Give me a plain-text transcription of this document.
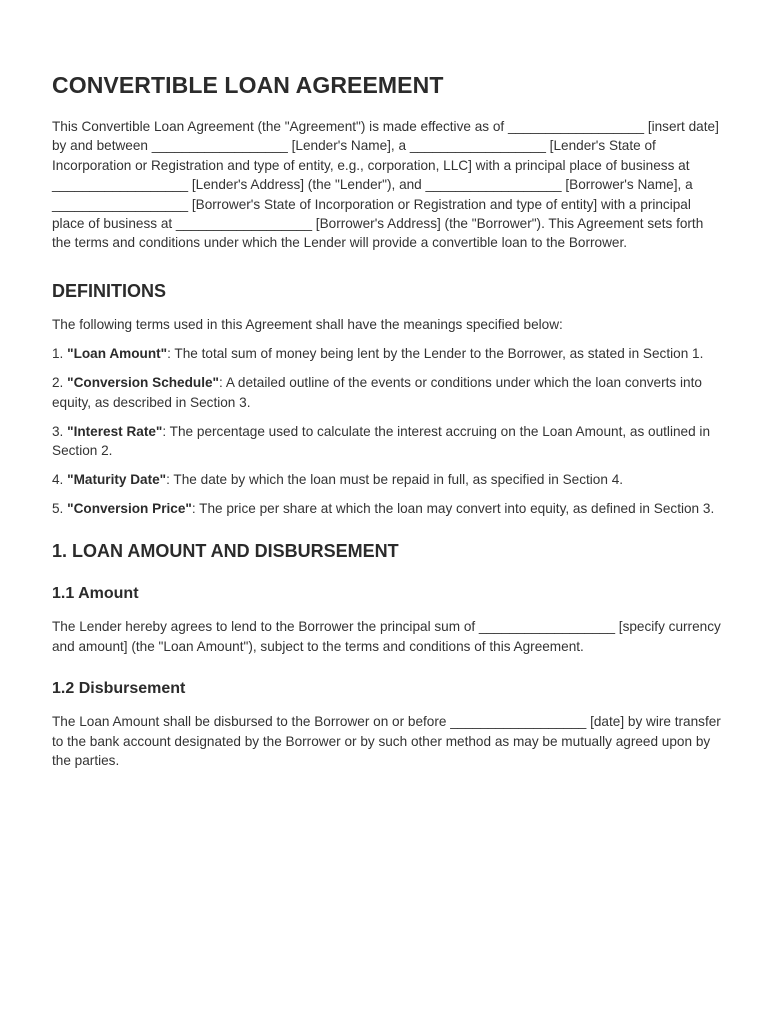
CONVERTIBLE LOAN AGREEMENT

This Convertible Loan Agreement (the "Agreement") is made effective as of __________________ [insert date] by and between __________________ [Lender's Name], a __________________ [Lender's State of Incorporation or Registration and type of entity, e.g., corporation, LLC] with a principal place of business at __________________ [Lender's Address] (the "Lender"), and __________________ [Borrower's Name], a __________________ [Borrower's State of Incorporation or Registration and type of entity] with a principal place of business at __________________ [Borrower's Address] (the "Borrower"). This Agreement sets forth the terms and conditions under which the Lender will provide a convertible loan to the Borrower.

DEFINITIONS

The following terms used in this Agreement shall have the meanings specified below:

1. "Loan Amount": The total sum of money being lent by the Lender to the Borrower, as stated in Section 1.

2. "Conversion Schedule": A detailed outline of the events or conditions under which the loan converts into equity, as described in Section 3.

3. "Interest Rate": The percentage used to calculate the interest accruing on the Loan Amount, as outlined in Section 2.

4. "Maturity Date": The date by which the loan must be repaid in full, as specified in Section 4.

5. "Conversion Price": The price per share at which the loan may convert into equity, as defined in Section 3.

1. LOAN AMOUNT AND DISBURSEMENT
1.1 Amount

The Lender hereby agrees to lend to the Borrower the principal sum of __________________ [specify currency and amount] (the "Loan Amount"), subject to the terms and conditions of this Agreement.

1.2 Disbursement

The Loan Amount shall be disbursed to the Borrower on or before __________________ [date] by wire transfer to the bank account designated by the Borrower or by such other method as may be mutually agreed upon by the parties.
